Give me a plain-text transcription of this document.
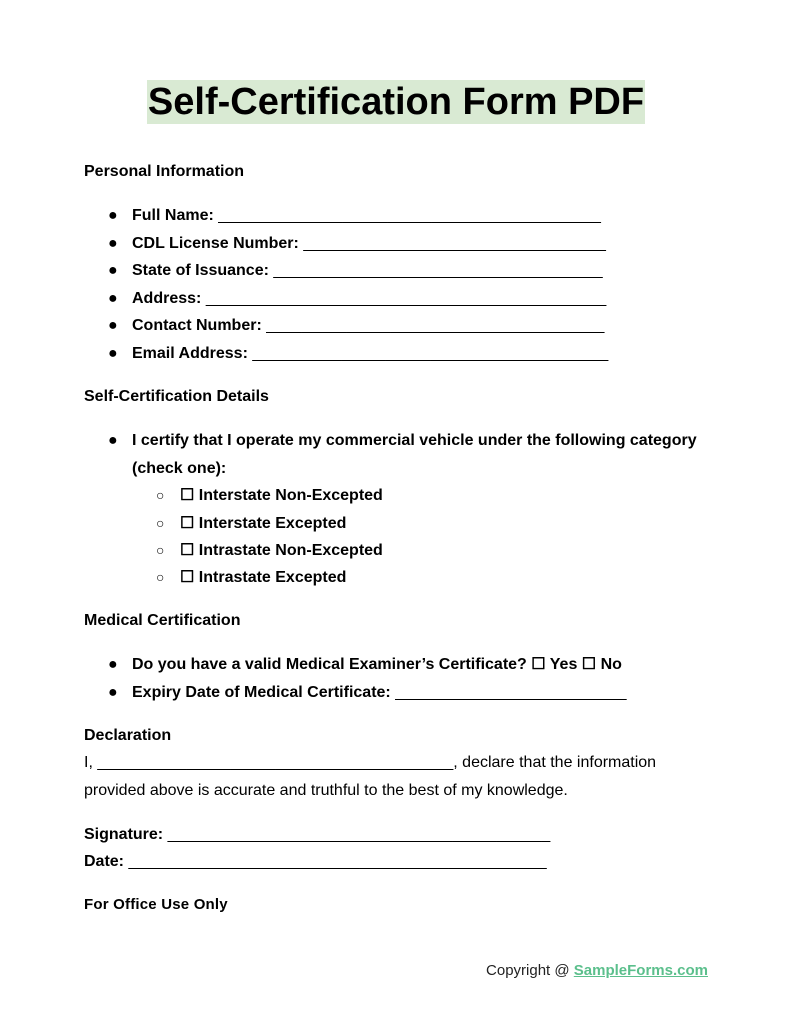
Self-Certification Form PDF
Personal Information
● Full Name: ___________________________________________
● CDL License Number: __________________________________
● State of Issuance: _____________________________________
● Address: _____________________________________________
● Contact Number: ______________________________________
● Email Address: ________________________________________
Self-Certification Details
● I certify that I operate my commercial vehicle under the following category (check one):
○ ☐ Interstate Non-Excepted
○ ☐ Interstate Excepted
○ ☐ Intrastate Non-Excepted
○ ☐ Intrastate Excepted
Medical Certification
● Do you have a valid Medical Examiner’s Certificate? ☐ Yes ☐ No
● Expiry Date of Medical Certificate: __________________________
Declaration
I, ________________________________________, declare that the information provided above is accurate and truthful to the best of my knowledge.
Signature: ___________________________________________
Date: _______________________________________________
For Office Use Only
Copyright @ SampleForms.com
